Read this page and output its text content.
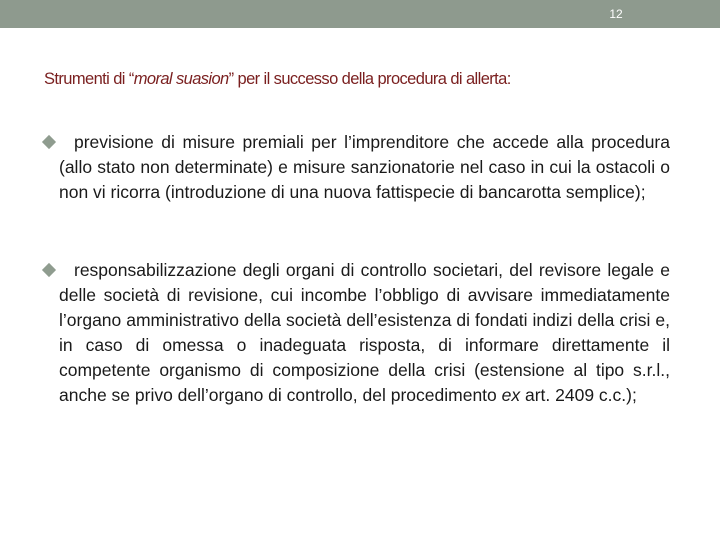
12
Strumenti di “moral suasion” per il successo della procedura di allerta:
previsione di misure premiali per l’imprenditore che accede alla procedura (allo stato non determinate) e misure sanzionatorie nel caso in cui la ostacoli o non vi ricorra (introduzione di una nuova fattispecie di bancarotta semplice);
responsabilizzazione degli organi di controllo societari, del revisore legale e delle società di revisione, cui incombe l’obbligo di avvisare immediatamente l’organo amministrativo della società dell’esistenza di fondati indizi della crisi e, in caso di omessa o inadeguata risposta, di informare direttamente il competente organismo di composizione della crisi (estensione al tipo s.r.l., anche se privo dell’organo di controllo, del procedimento ex art. 2409 c.c.);
